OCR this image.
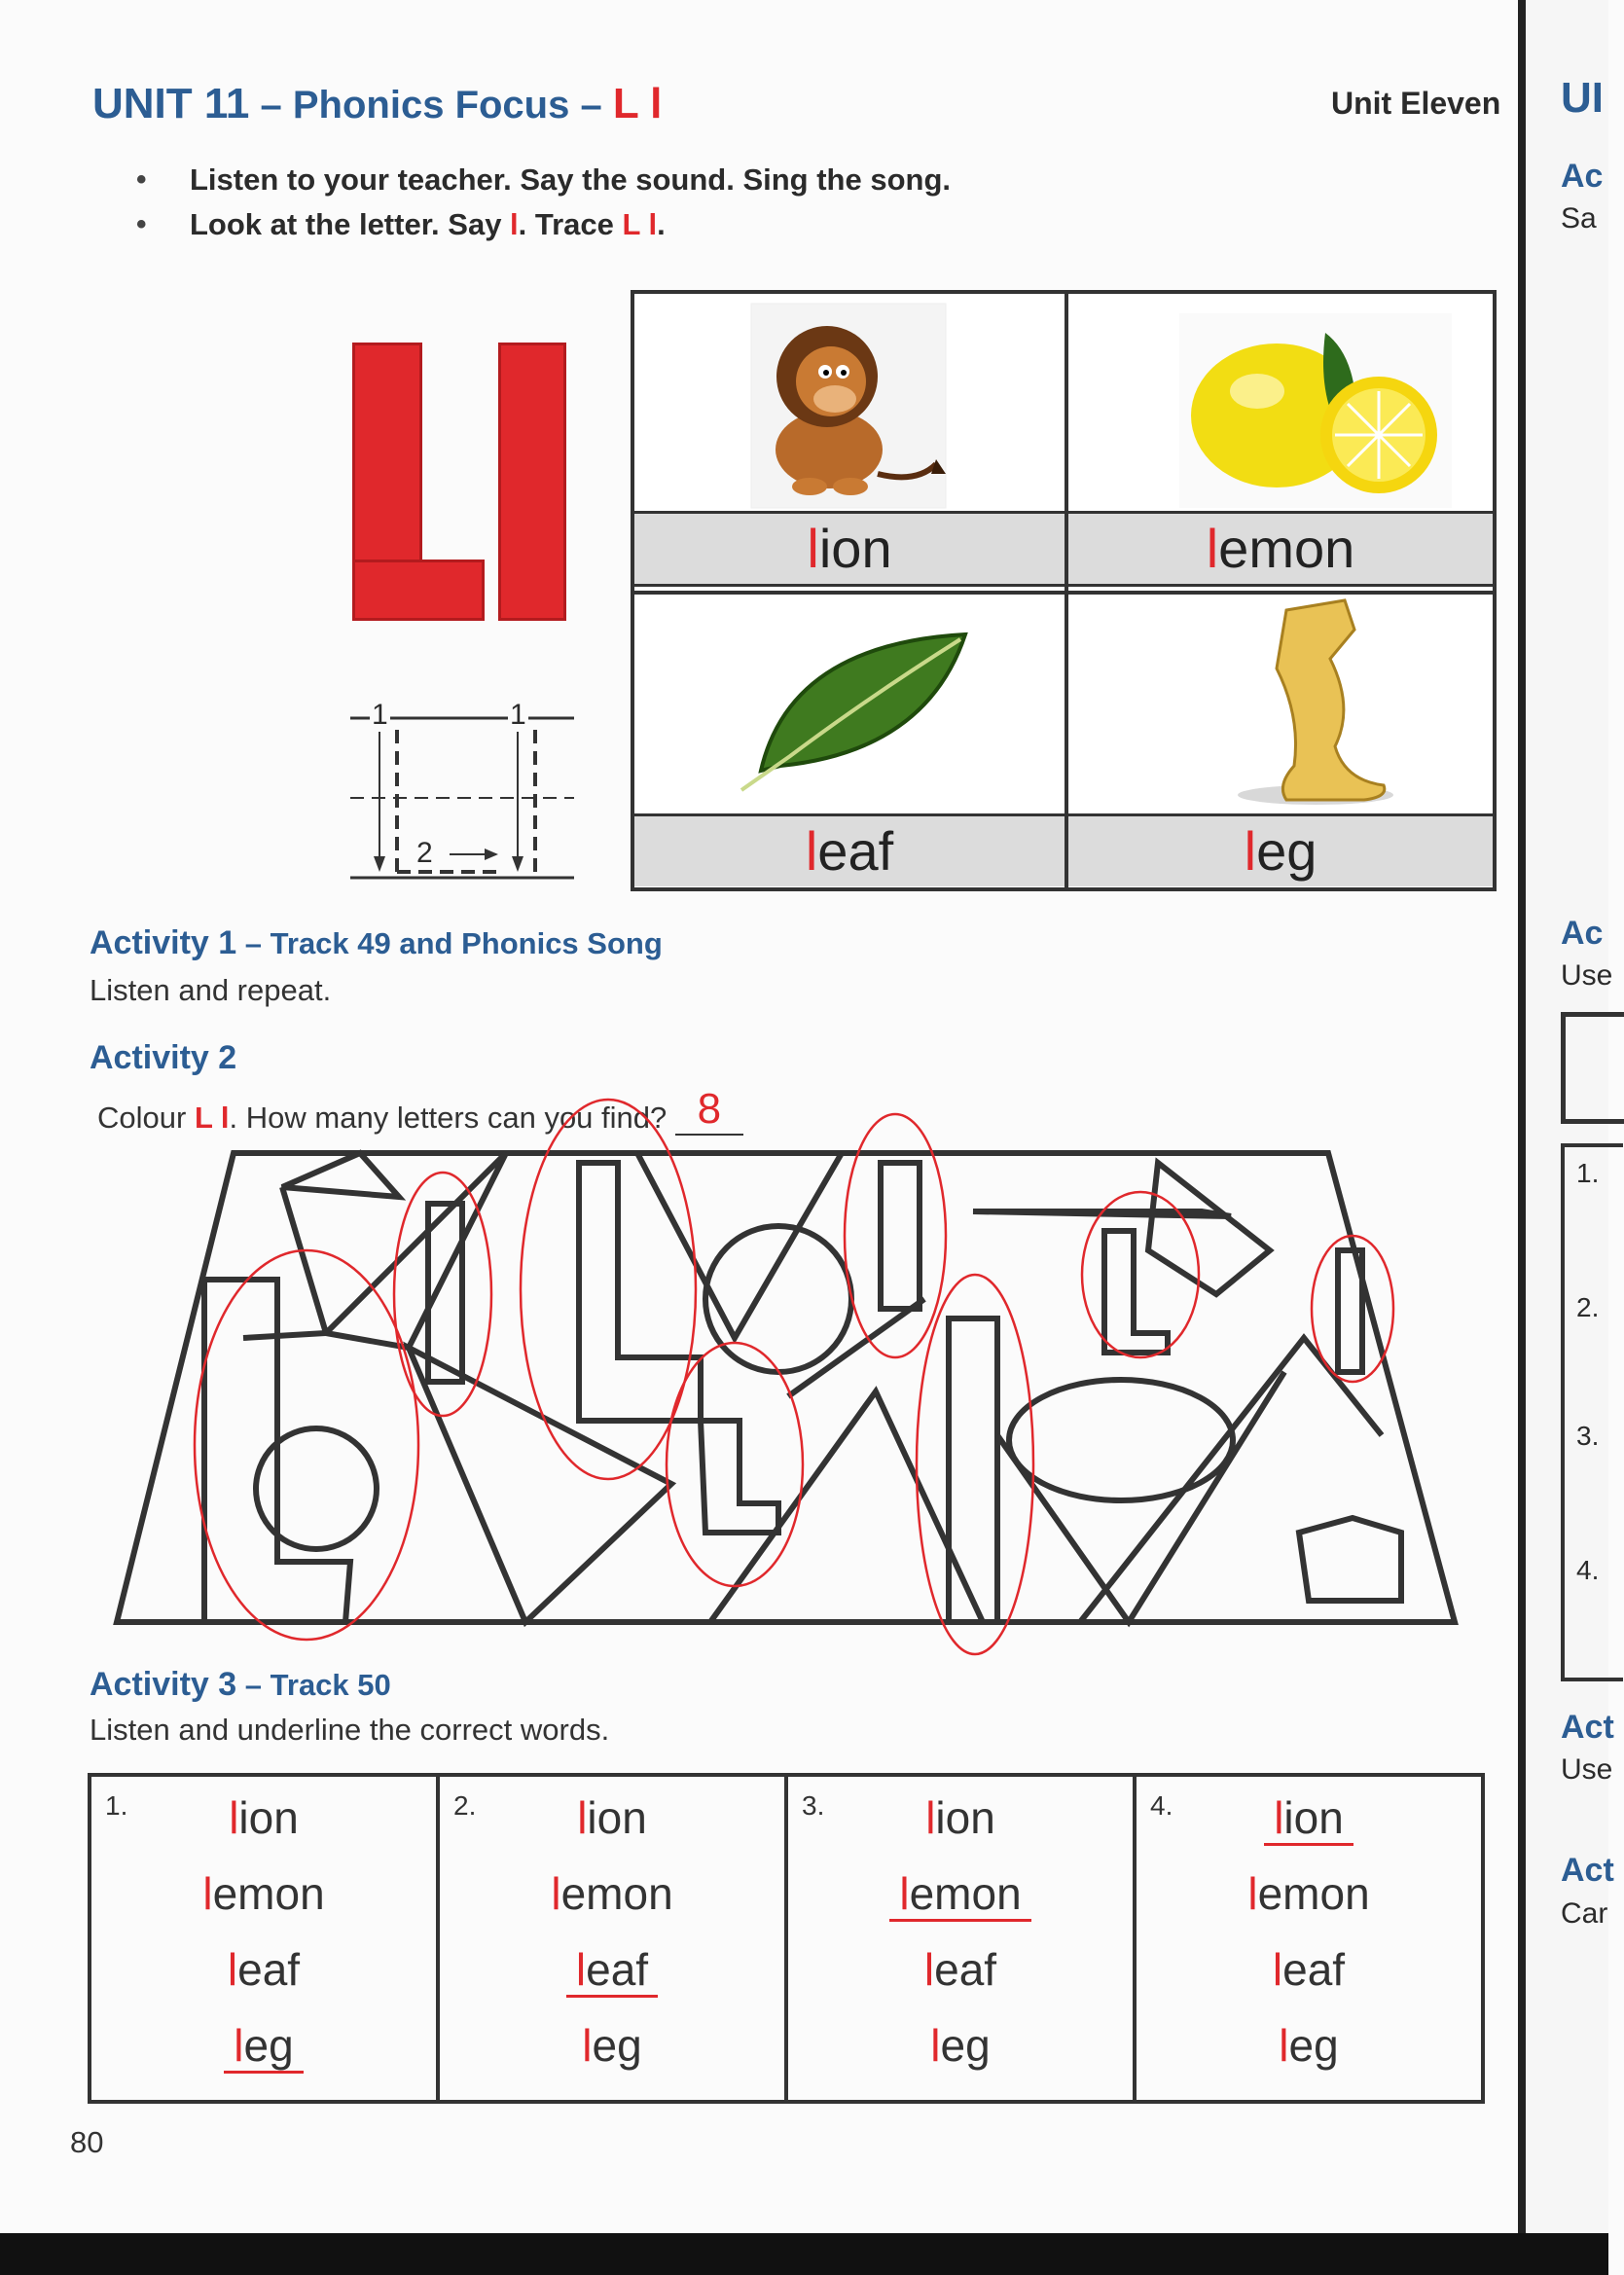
UNIT 11 – Phonics Focus – L l	Unit Eleven
• Listen to your teacher. Say the sound. Sing the song.
• Look at the letter. Say l. Trace L l.
1	1
2
lion	lemon
leaf	leg
Activity 1 – Track 49 and Phonics Song
Listen and repeat.
Activity 2
Colour L l. How many letters can you find? 8
Activity 3 – Track 50
Listen and underline the correct words.
1.	lion
lemon
leaf
leg
2.	lion
lemon
leaf
leg
3.	lion
lemon
leaf
leg
4.	lion
lemon
leaf
leg
80
UI
Ac
Sa
Ac
Use
1.
2.
3.
4.
Act
Use
Act
Car
